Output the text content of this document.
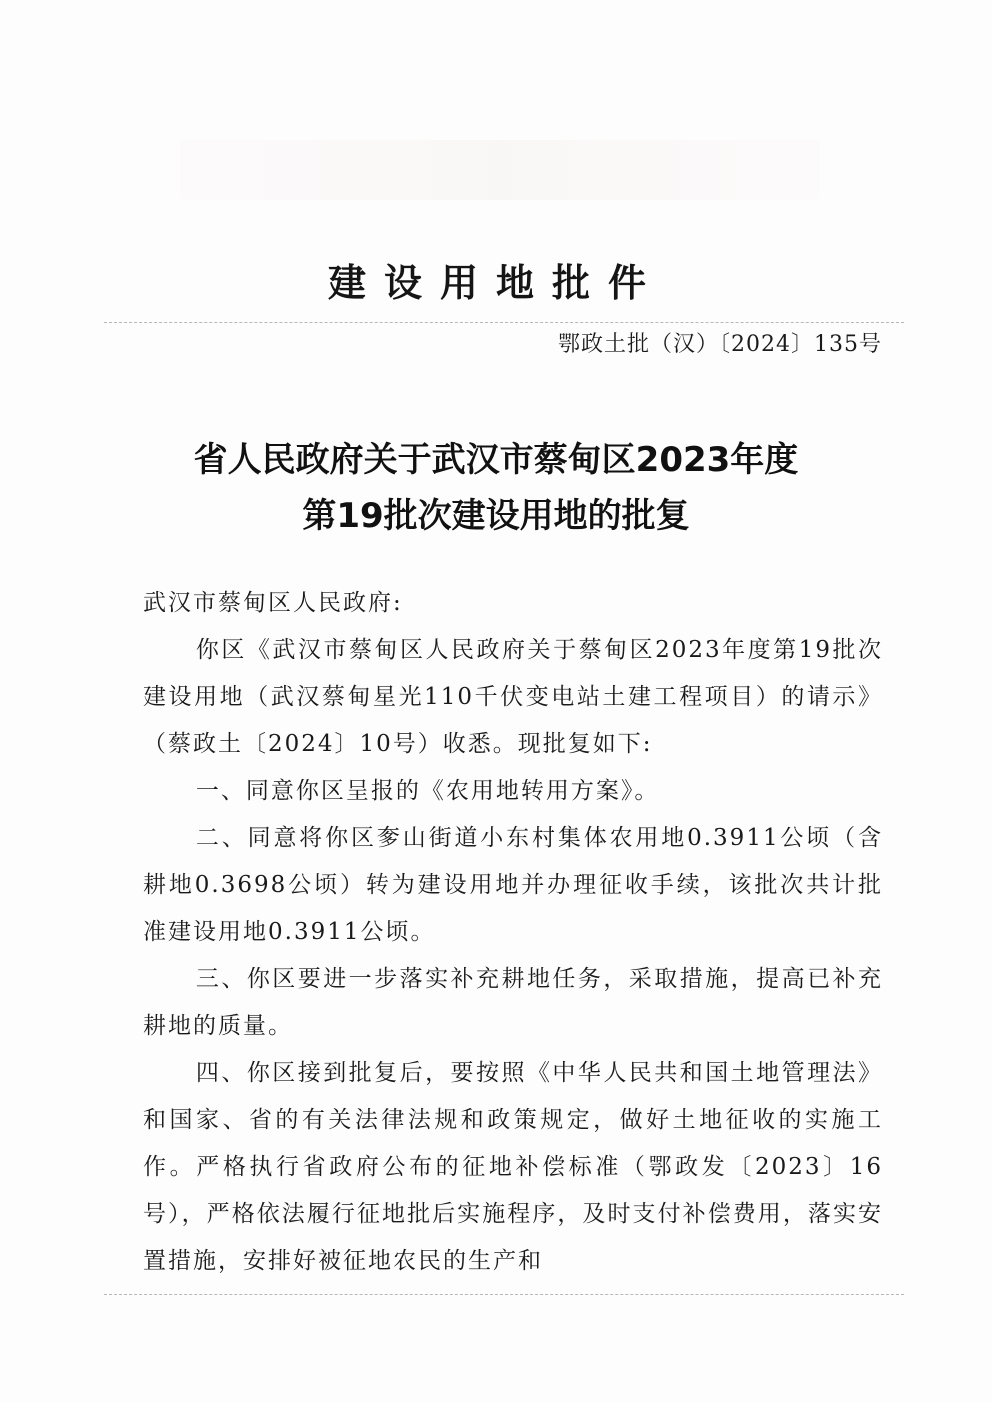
建设用地批件
鄂政土批（汉）〔2024〕135号
省人民政府关于武汉市蔡甸区2023年度
第19批次建设用地的批复

武汉市蔡甸区人民政府:

你区《武汉市蔡甸区人民政府关于蔡甸区2023年度第19批次建设用地（武汉蔡甸星光110千伏变电站土建工程项目）的请示》（蔡政土〔2024〕10号）收悉。现批复如下:

一、同意你区呈报的《农用地转用方案》。

二、同意将你区奓山街道小东村集体农用地0.3911公顷（含耕地0.3698公顷）转为建设用地并办理征收手续，该批次共计批准建设用地0.3911公顷。

三、你区要进一步落实补充耕地任务，采取措施，提高已补充耕地的质量。

四、你区接到批复后，要按照《中华人民共和国土地管理法》和国家、省的有关法律法规和政策规定，做好土地征收的实施工作。严格执行省政府公布的征地补偿标准（鄂政发〔2023〕16号），严格依法履行征地批后实施程序，及时支付补偿费用，落实安置措施，安排好被征地农民的生产和
